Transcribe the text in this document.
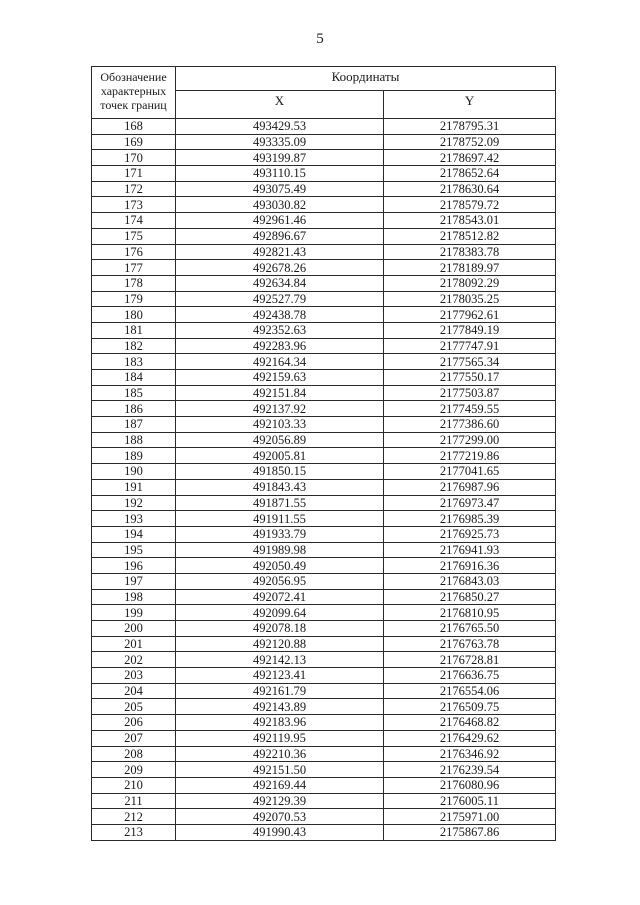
5
Обозначение характерных точек границ	Координаты	
	X	Y
168	493429.53	2178795.31
169	493335.09	2178752.09
170	493199.87	2178697.42
171	493110.15	2178652.64
172	493075.49	2178630.64
173	493030.82	2178579.72
174	492961.46	2178543.01
175	492896.67	2178512.82
176	492821.43	2178383.78
177	492678.26	2178189.97
178	492634.84	2178092.29
179	492527.79	2178035.25
180	492438.78	2177962.61
181	492352.63	2177849.19
182	492283.96	2177747.91
183	492164.34	2177565.34
184	492159.63	2177550.17
185	492151.84	2177503.87
186	492137.92	2177459.55
187	492103.33	2177386.60
188	492056.89	2177299.00
189	492005.81	2177219.86
190	491850.15	2177041.65
191	491843.43	2176987.96
192	491871.55	2176973.47
193	491911.55	2176985.39
194	491933.79	2176925.73
195	491989.98	2176941.93
196	492050.49	2176916.36
197	492056.95	2176843.03
198	492072.41	2176850.27
199	492099.64	2176810.95
200	492078.18	2176765.50
201	492120.88	2176763.78
202	492142.13	2176728.81
203	492123.41	2176636.75
204	492161.79	2176554.06
205	492143.89	2176509.75
206	492183.96	2176468.82
207	492119.95	2176429.62
208	492210.36	2176346.92
209	492151.50	2176239.54
210	492169.44	2176080.96
211	492129.39	2176005.11
212	492070.53	2175971.00
213	491990.43	2175867.86
